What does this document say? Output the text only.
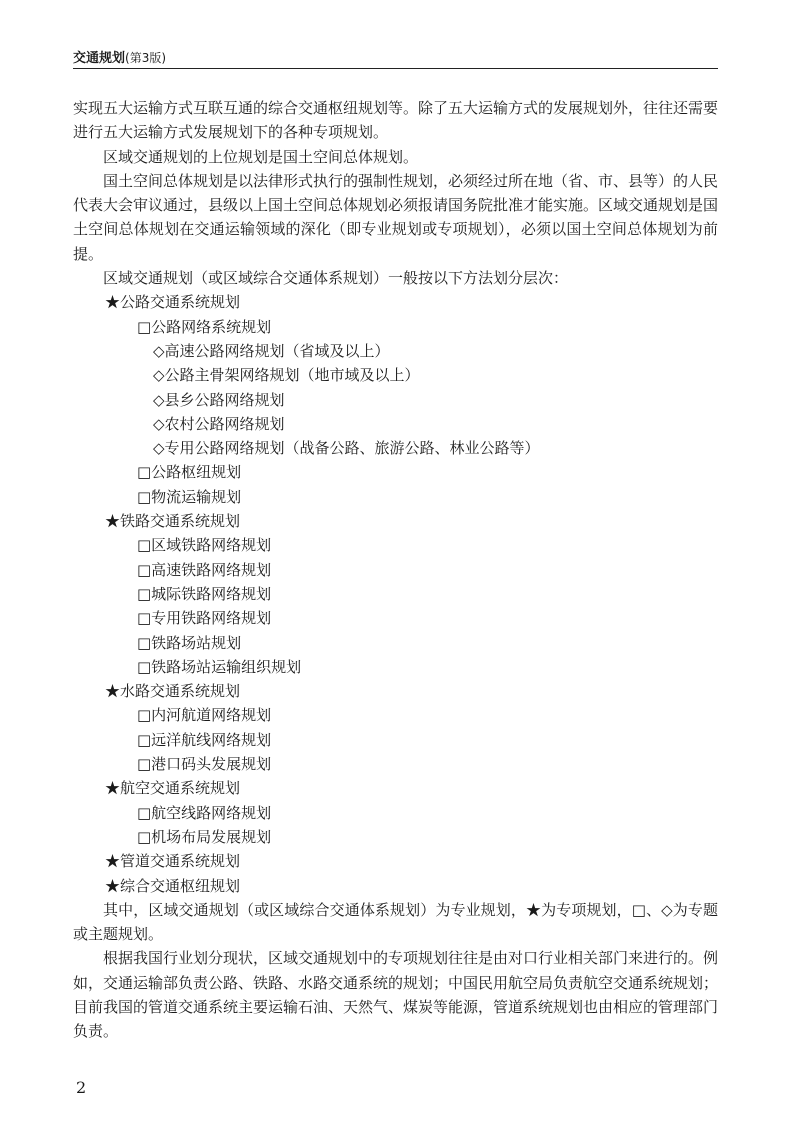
交通规划(第3版)

实现五大运输方式互联互通的综合交通枢纽规划等。除了五大运输方式的发展规划外，往往还需要进行五大运输方式发展规划下的各种专项规划。

区域交通规划的上位规划是国土空间总体规划。

国土空间总体规划是以法律形式执行的强制性规划，必须经过所在地（省、市、县等）的人民代表大会审议通过，县级以上国土空间总体规划必须报请国务院批准才能实施。区域交通规划是国土空间总体规划在交通运输领域的深化（即专业规划或专项规划），必须以国土空间总体规划为前提。

区域交通规划（或区域综合交通体系规划）一般按以下方法划分层次：

★公路交通系统规划
□公路网络系统规划
◇高速公路网络规划（省域及以上）
◇公路主骨架网络规划（地市域及以上）
◇县乡公路网络规划
◇农村公路网络规划
◇专用公路网络规划（战备公路、旅游公路、林业公路等）
□公路枢纽规划
□物流运输规划
★铁路交通系统规划
□区域铁路网络规划
□高速铁路网络规划
□城际铁路网络规划
□专用铁路网络规划
□铁路场站规划
□铁路场站运输组织规划
★水路交通系统规划
□内河航道网络规划
□远洋航线网络规划
□港口码头发展规划
★航空交通系统规划
□航空线路网络规划
□机场布局发展规划
★管道交通系统规划
★综合交通枢纽规划

其中，区域交通规划（或区域综合交通体系规划）为专业规划，★为专项规划，□、◇为专题或主题规划。

根据我国行业划分现状，区域交通规划中的专项规划往往是由对口行业相关部门来进行的。例如，交通运输部负责公路、铁路、水路交通系统的规划；中国民用航空局负责航空交通系统规划；目前我国的管道交通系统主要运输石油、天然气、煤炭等能源，管道系统规划也由相应的管理部门负责。

2
